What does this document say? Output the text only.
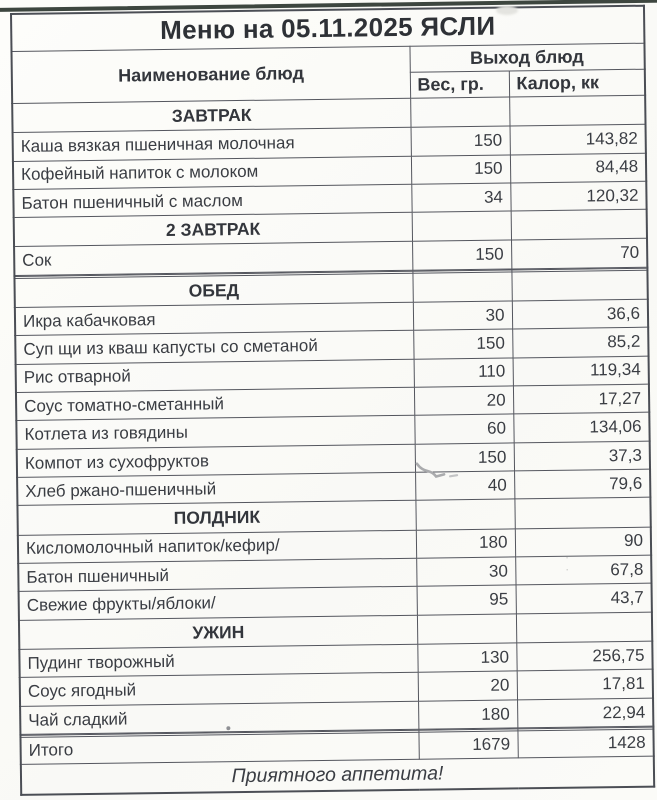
Меню на 05.11.2025 ЯСЛИ		
Наименование блюд	Выход блюд	
	Вес, гр.	Калор, кк
ЗАВТРАК		
Каша вязкая пшеничная молочная	150	143,82
Кофейный напиток с молоком	150	84,48
Батон пшеничный с маслом	34	120,32
2 ЗАВТРАК		
Сок	150	70

ОБЕД		
Икра кабачковая	30	36,6
Суп щи из кваш капусты со сметаной	150	85,2
Рис отварной	110	119,34
Соус томатно-сметанный	20	17,27
Котлета из говядины	60	134,06
Компот из сухофруктов	150	37,3
Хлеб ржано-пшеничный	40	79,6
ПОЛДНИК		
Кисломолочный напиток/кефир/	180	90
Батон пшеничный	30	67,8
Свежие фрукты/яблоки/	95	43,7
УЖИН		
Пудинг творожный	130	256,75
Соус ягодный	20	17,81
Чай сладкий	180	22,94

Итого	1679	1428
Приятного аппетита!		
· ·
